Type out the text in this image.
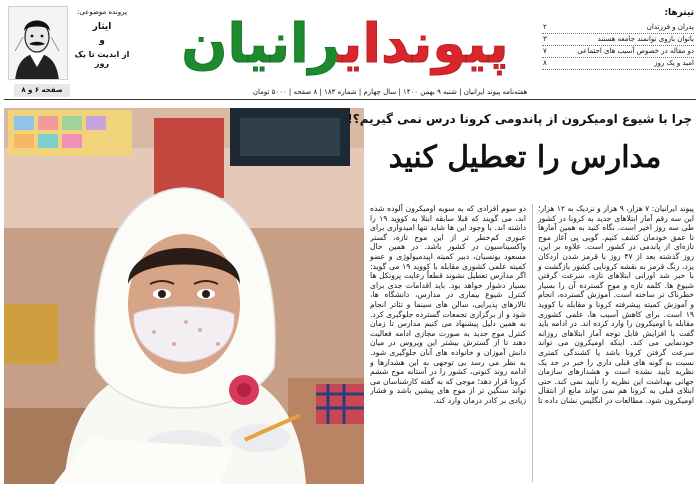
تیترها:
پدران و فرزندان
۲
باتوان بازوی توانمند جامعه هستند
۳
دو مقاله در خصوص آسیب های اجتماعی
۷
امید و یک روز
۸
پیوندایرانیان
پرونده موضوعی:
ایثار
و
از ابدیت تا یک روز
صفحه ۶ و ۸	هفته‌نامه پیوند ایرانیان | شنبه ۹ بهمن ۱۴۰۰ | سال چهارم | شماره ۱۸۳ | ۸ صفحه | ۵۰۰۰ تومان
چرا با شیوع اومیکرون از پاندومی کرونا درس نمی گیریم؟!
مدارس را تعطیل کنید
پیوند ایرانیان: ۷ هزار، ۹ هزار و نزدیک به ۱۲ هزار؛ این سه رقم آمار ابتلاهای جدید به کرونا در کشور طی سه روز اخیر است. نگاه کنید به همین آمارها تا عمق خودمان کشف کنیم. گوبی پی آغاز موج تازه‌ای از پاندمی در کشور است. علاوه بر این، روز گذشته بعد از ۴۷ روز با قرمز شدن اردکان یزد، رنگ قرمز به نقشه کرونایی کشور بازگشت و با خبر شد اورانی ابتلاهای تازه، سرعت گرفتن شیوع ها. کلمه تازه و موج گسترده آن را بسیار خطرناک تر ساخته است. آموزش گسترده، انجام و آموزش کمیته پیشرفته کرونا و مقابله با کووید ۱۹ است. برای کاهش آسیب ها، علمی کشوری مقابله با اومیکرون را وارد کرده اند. در ادامه باید گفت با افزایش قابل توجه آمار ابتلاهای روزانه خودنمایی می کند. اینکه اومیکرون می تواند سرعت گرفتن کرونا باشد یا کشندگی کمتری نسبت به گونه های قبلی داری را خبر در حد یک نظریه تأیید نشده است و هشدارهای سازمان جهانی بهداشت این نظریه را تأیید نمی کند. حتی ابتلای قبلی به کرونا هم نمی تواند مانع از انتقال اومیکرون شود. مطالعات در انگلیس نشان داده تا دو سوم افرادی که به سویه اومیکرون آلوده شده اند، می گویند که قبلا سابقه ابتلا به کووید ۱۹ را داشته اند. با وجود این ها شاید تنها امیدواری برای عبوری کم‌خطر تر از این موج تازه، گستر واکسیناسیون در کشور باشد. در همین حال مسعود یونسیان، دبیر کمیته اپیدمیولوژی و عضو کمیته علمی کشوری مقابله با کووید ۱۹ می گوید: اگر مدارس تعطیل نشوند قطعاً رعایت پروتکل ها بسیار دشوار خواهد بود. باید اقدامات جدی برای کنترل شیوع بیماری در مدارس، دانشگاه ها، تالارهای پذیرایی، سالن های سینما و تئاتر انجام شود و از برگزاری تجمعات گسترده جلوگیری کرد. به همین دلیل پیشنهاد می کنیم مدارس تا زمان کنترل موج جدید به صورت مجازی ادامه فعالیت دهند تا از گسترش بیشتر این ویروس در میان دانش آموزان و خانواده های آنان جلوگیری شود. به نظر می رسد بی توجهی به این هشدارها و ادامه روند کنونی، کشور را در آستانه موج ششم کرونا قرار دهد؛ موجی که به گفته کارشناسان می تواند سنگین تر از موج های پیشین باشد و فشار زیادی بر کادر درمان وارد کند.
